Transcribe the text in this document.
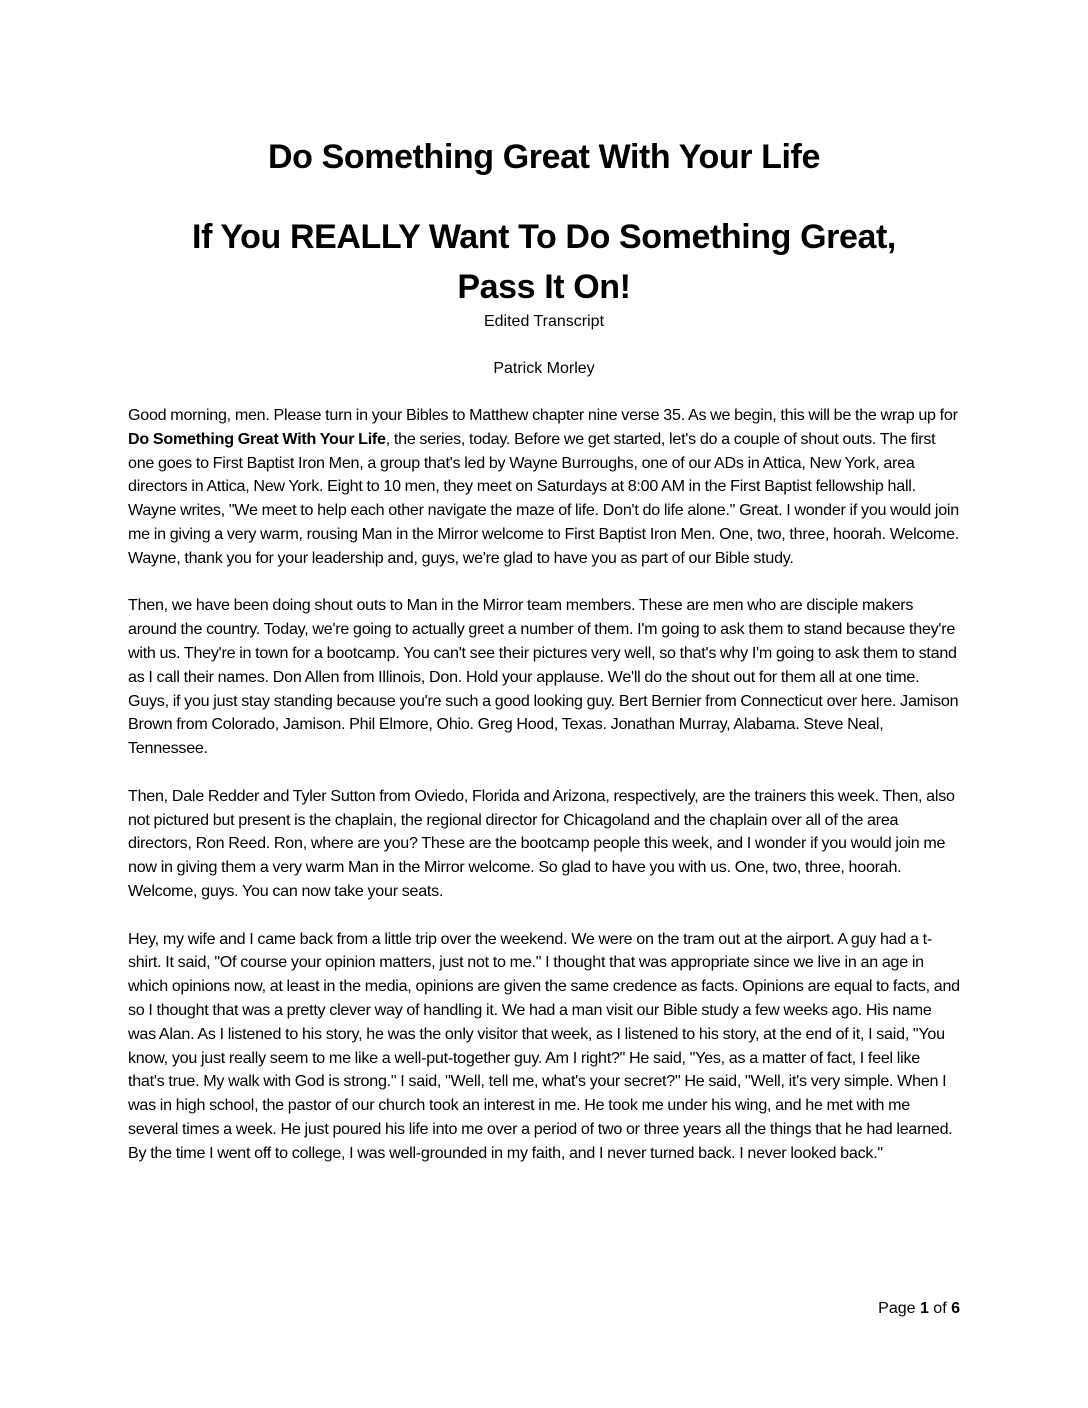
Do Something Great With Your Life
If You REALLY Want To Do Something Great,
Pass It On!
Edited Transcript
Patrick Morley

Good morning, men. Please turn in your Bibles to Matthew chapter nine verse 35. As we begin, this will be the wrap up for Do Something Great With Your Life, the series, today. Before we get started, let's do a couple of shout outs. The first one goes to First Baptist Iron Men, a group that's led by Wayne Burroughs, one of our ADs in Attica, New York, area directors in Attica, New York. Eight to 10 men, they meet on Saturdays at 8:00 AM in the First Baptist fellowship hall. Wayne writes, "We meet to help each other navigate the maze of life. Don't do life alone." Great. I wonder if you would join me in giving a very warm, rousing Man in the Mirror welcome to First Baptist Iron Men. One, two, three, hoorah. Welcome. Wayne, thank you for your leadership and, guys, we're glad to have you as part of our Bible study.

Then, we have been doing shout outs to Man in the Mirror team members. These are men who are disciple makers around the country. Today, we're going to actually greet a number of them. I'm going to ask them to stand because they're with us. They're in town for a bootcamp. You can't see their pictures very well, so that's why I'm going to ask them to stand as I call their names. Don Allen from Illinois, Don. Hold your applause. We'll do the shout out for them all at one time. Guys, if you just stay standing because you're such a good looking guy. Bert Bernier from Connecticut over here. Jamison Brown from Colorado, Jamison. Phil Elmore, Ohio. Greg Hood, Texas. Jonathan Murray, Alabama. Steve Neal, Tennessee.

Then, Dale Redder and Tyler Sutton from Oviedo, Florida and Arizona, respectively, are the trainers this week. Then, also not pictured but present is the chaplain, the regional director for Chicagoland and the chaplain over all of the area directors, Ron Reed. Ron, where are you? These are the bootcamp people this week, and I wonder if you would join me now in giving them a very warm Man in the Mirror welcome. So glad to have you with us. One, two, three, hoorah. Welcome, guys. You can now take your seats.

Hey, my wife and I came back from a little trip over the weekend. We were on the tram out at the airport. A guy had a t-shirt. It said, "Of course your opinion matters, just not to me." I thought that was appropriate since we live in an age in which opinions now, at least in the media, opinions are given the same credence as facts. Opinions are equal to facts, and so I thought that was a pretty clever way of handling it. We had a man visit our Bible study a few weeks ago. His name was Alan. As I listened to his story, he was the only visitor that week, as I listened to his story, at the end of it, I said, "You know, you just really seem to me like a well-put-together guy. Am I right?" He said, "Yes, as a matter of fact, I feel like that's true. My walk with God is strong." I said, "Well, tell me, what's your secret?" He said, "Well, it's very simple. When I was in high school, the pastor of our church took an interest in me. He took me under his wing, and he met with me several times a week. He just poured his life into me over a period of two or three years all the things that he had learned. By the time I went off to college, I was well-grounded in my faith, and I never turned back. I never looked back."

Page 1 of 6
